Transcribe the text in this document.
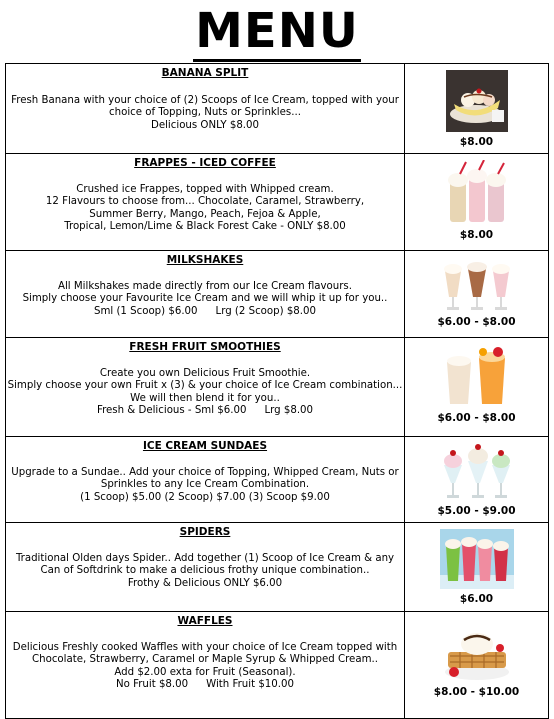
MENU
BANANA SPLIT
Fresh Banana with your choice of (2) Scoops of Ice Cream, topped with your
choice of Topping, Nuts or Sprinkles...
Delicious ONLY $8.00	$8.00

FRAPPES - ICED COFFEE
Crushed ice Frappes, topped with Whipped cream.
12 Flavours to choose from... Chocolate, Caramel, Strawberry,
Summer Berry, Mango, Peach, Fejoa & Apple,
Tropical, Lemon/Lime & Black Forest Cake - ONLY $8.00	$8.00

MILKSHAKES
All Milkshakes made directly from our Ice Cream flavours.
Simply choose your Favourite Ice Cream and we will whip it up for you..
Sml (1 Scoop) $6.00 Lrg (2 Scoop) $8.00	$6.00 - $8.00

FRESH FRUIT SMOOTHIES
Create you own Delicious Fruit Smoothie.
Simply choose your own Fruit x (3) & your choice of Ice Cream combination...
We will then blend it for you..
Fresh & Delicious - Sml $6.00 Lrg $8.00	$6.00 - $8.00

ICE CREAM SUNDAES
Upgrade to a Sundae.. Add your choice of Topping, Whipped Cream, Nuts or
Sprinkles to any Ice Cream Combination.
(1 Scoop) $5.00 (2 Scoop) $7.00 (3) Scoop $9.00	$5.00 - $9.00

SPIDERS
Traditional Olden days Spider.. Add together (1) Scoop of Ice Cream & any
Can of Softdrink to make a delicious frothy unique combination..
Frothy & Delicious ONLY $6.00	$6.00

WAFFLES
Delicious Freshly cooked Waffles with your choice of Ice Cream topped with
Chocolate, Strawberry, Caramel or Maple Syrup & Whipped Cream..
Add $2.00 exta for Fruit (Seasonal).
No Fruit $8.00 With Fruit $10.00	$8.00 - $10.00
